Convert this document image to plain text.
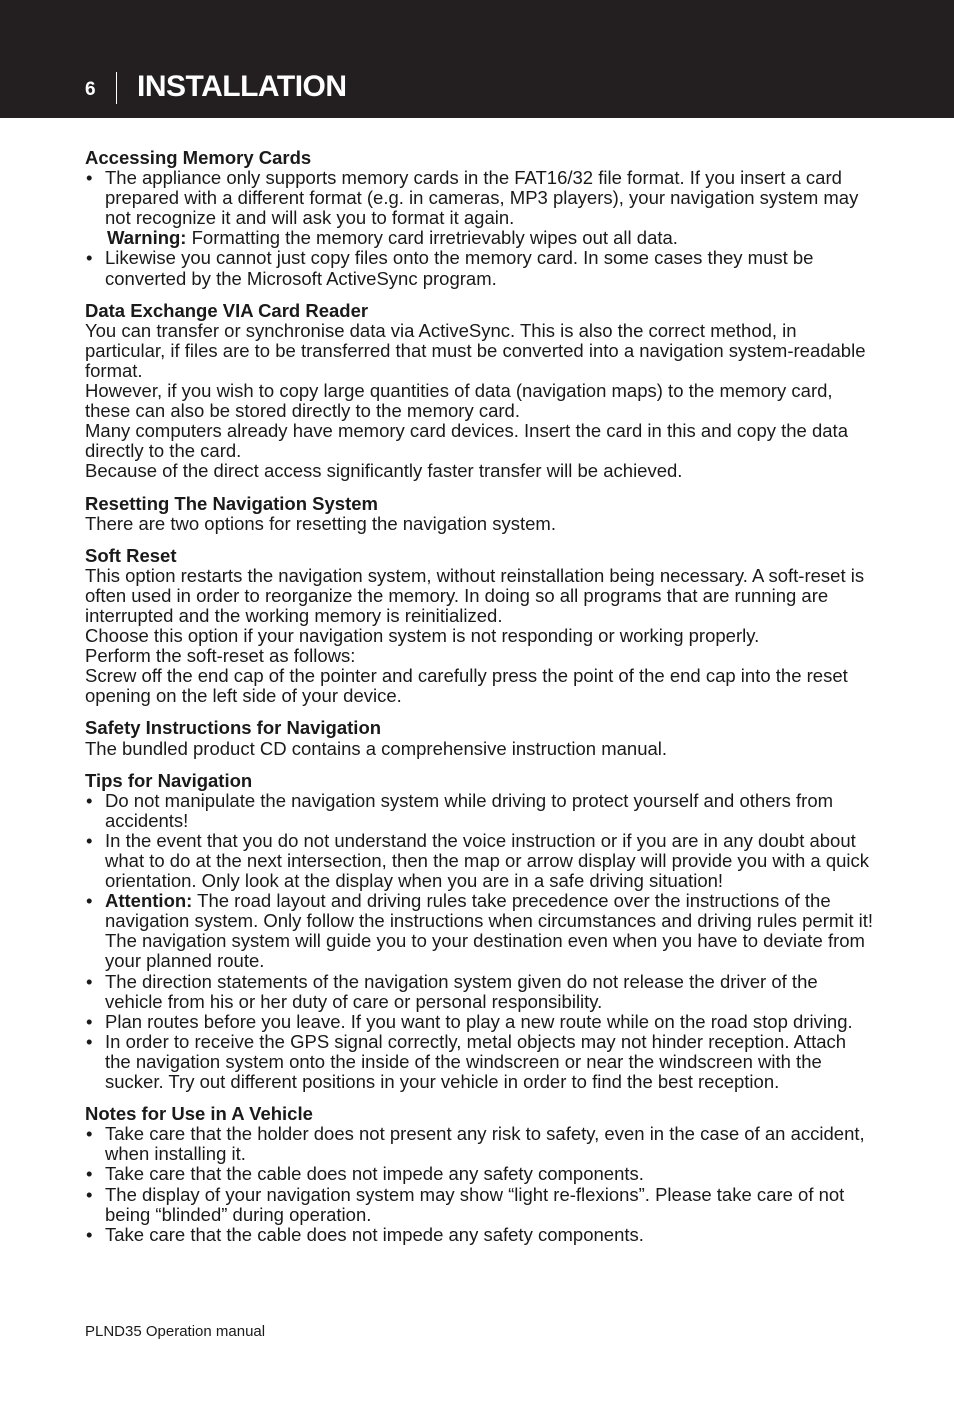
6 INSTALLATION
Accessing Memory Cards
• The appliance only supports memory cards in the FAT16/32 file format. If you insert a card prepared with a different format (e.g. in cameras, MP3 players), your navigation system may not recognize it and will ask you to format it again.
Warning: Formatting the memory card irretrievably wipes out all data.
• Likewise you cannot just copy files onto the memory card. In some cases they must be converted by the Microsoft ActiveSync program.
Data Exchange VIA Card Reader

You can transfer or synchronise data via ActiveSync. This is also the correct method, in particular, if files are to be transferred that must be converted into a navigation system-readable format.

However, if you wish to copy large quantities of data (navigation maps) to the memory card, these can also be stored directly to the memory card.

Many computers already have memory card devices. Insert the card in this and copy the data directly to the card.

Because of the direct access significantly faster transfer will be achieved.

Resetting The Navigation System

There are two options for resetting the navigation system.

Soft Reset

This option restarts the navigation system, without reinstallation being necessary. A soft-reset is often used in order to reorganize the memory. In doing so all programs that are running are interrupted and the working memory is reinitialized.

Choose this option if your navigation system is not responding or working properly.

Perform the soft-reset as follows:

Screw off the end cap of the pointer and carefully press the point of the end cap into the reset opening on the left side of your device.

Safety Instructions for Navigation

The bundled product CD contains a comprehensive instruction manual.

Tips for Navigation
• Do not manipulate the navigation system while driving to protect yourself and others from accidents!
• In the event that you do not understand the voice instruction or if you are in any doubt about what to do at the next intersection, then the map or arrow display will provide you with a quick orientation. Only look at the display when you are in a safe driving situation!
• Attention: The road layout and driving rules take precedence over the instructions of the navigation system. Only follow the instructions when circumstances and driving rules permit it! The navigation system will guide you to your destination even when you have to deviate from your planned route.
• The direction statements of the navigation system given do not release the driver of the vehicle from his or her duty of care or personal responsibility.
• Plan routes before you leave. If you want to play a new route while on the road stop driving.
• In order to receive the GPS signal correctly, metal objects may not hinder reception. Attach the navigation system onto the inside of the windscreen or near the windscreen with the sucker. Try out different positions in your vehicle in order to find the best reception.
Notes for Use in A Vehicle
• Take care that the holder does not present any risk to safety, even in the case of an accident, when installing it.
• Take care that the cable does not impede any safety components.
• The display of your navigation system may show “light re-flexions”. Please take care of not being “blinded” during operation.
• Take care that the cable does not impede any safety components.
PLND35 Operation manual
